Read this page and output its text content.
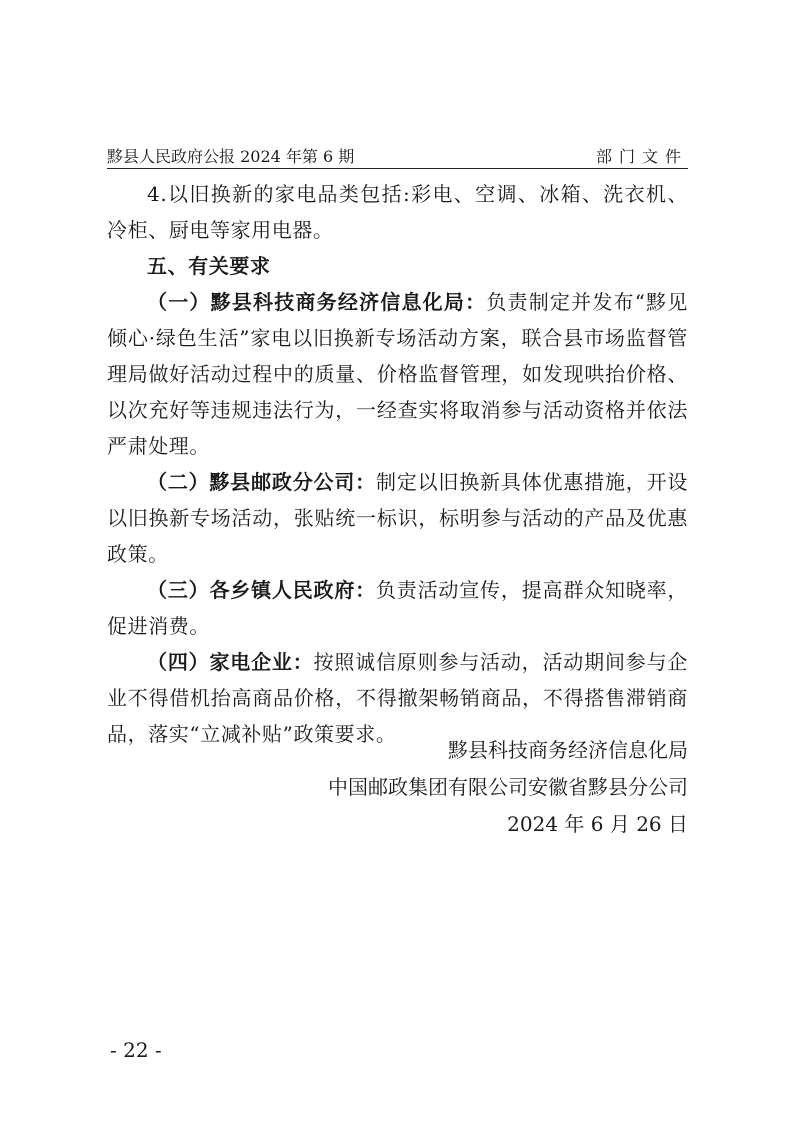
黟县人民政府公报 2024 年第 6 期	部门文件

4.以旧换新的家电品类包括:彩电、空调、冰箱、洗衣机、冷柜、厨电等家用电器。

五、有关要求

（一）黟县科技商务经济信息化局：负责制定并发布“黟见倾心·绿色生活”家电以旧换新专场活动方案，联合县市场监督管理局做好活动过程中的质量、价格监督管理，如发现哄抬价格、以次充好等违规违法行为，一经查实将取消参与活动资格并依法严肃处理。

（二）黟县邮政分公司：制定以旧换新具体优惠措施，开设以旧换新专场活动，张贴统一标识，标明参与活动的产品及优惠政策。

（三）各乡镇人民政府：负责活动宣传，提高群众知晓率，促进消费。

（四）家电企业：按照诚信原则参与活动，活动期间参与企业不得借机抬高商品价格，不得撤架畅销商品，不得搭售滞销商品，落实“立减补贴”政策要求。

黟县科技商务经济信息化局
中国邮政集团有限公司安徽省黟县分公司
2024 年 6 月 26 日
- 22 -
